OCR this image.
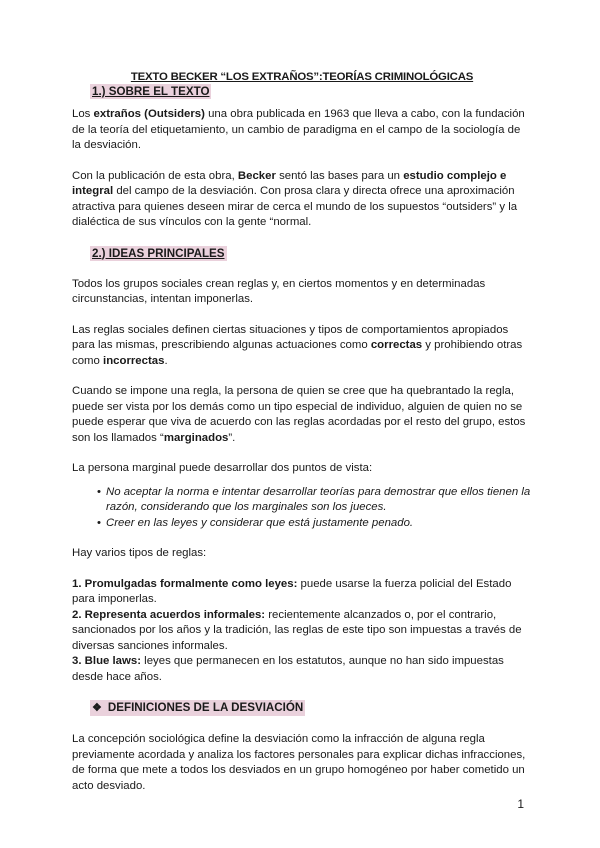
TEXTO BECKER “LOS EXTRAÑOS”:TEORÍAS CRIMINOLÓGICAS

1.) SOBRE EL TEXTO

Los extraños (Outsiders) una obra publicada en 1963 que lleva a cabo, con la fundación de la teoría del etiquetamiento, un cambio de paradigma en el campo de la sociología de la desviación.

Con la publicación de esta obra, Becker sentó las bases para un estudio complejo e integral del campo de la desviación. Con prosa clara y directa ofrece una aproximación atractiva para quienes deseen mirar de cerca el mundo de los supuestos “outsiders” y la dialéctica de sus vínculos con la gente “normal.

2.) IDEAS PRINCIPALES

Todos los grupos sociales crean reglas y, en ciertos momentos y en determinadas circunstancias, intentan imponerlas.

Las reglas sociales definen ciertas situaciones y tipos de comportamientos apropiados para las mismas, prescribiendo algunas actuaciones como correctas y prohibiendo otras como incorrectas.

Cuando se impone una regla, la persona de quien se cree que ha quebrantado la regla, puede ser vista por los demás como un tipo especial de individuo, alguien de quien no se puede esperar que viva de acuerdo con las reglas acordadas por el resto del grupo, estos son los llamados “marginados”.

La persona marginal puede desarrollar dos puntos de vista:

• No aceptar la norma e intentar desarrollar teorías para demostrar que ellos tienen la razón, considerando que los marginales son los jueces.
• Creer en las leyes y considerar que está justamente penado.

Hay varios tipos de reglas:

1. Promulgadas formalmente como leyes: puede usarse la fuerza policial del Estado para imponerlas.

2. Representa acuerdos informales: recientemente alcanzados o, por el contrario, sancionados por los años y la tradición, las reglas de este tipo son impuestas a través de diversas sanciones informales.

3. Blue laws: leyes que permanecen en los estatutos, aunque no han sido impuestas desde hace años.

❖ DEFINICIONES DE LA DESVIACIÓN

La concepción sociológica define la desviación como la infracción de alguna regla previamente acordada y analiza los factores personales para explicar dichas infracciones, de forma que mete a todos los desviados en un grupo homogéneo por haber cometido un acto desviado.

1
